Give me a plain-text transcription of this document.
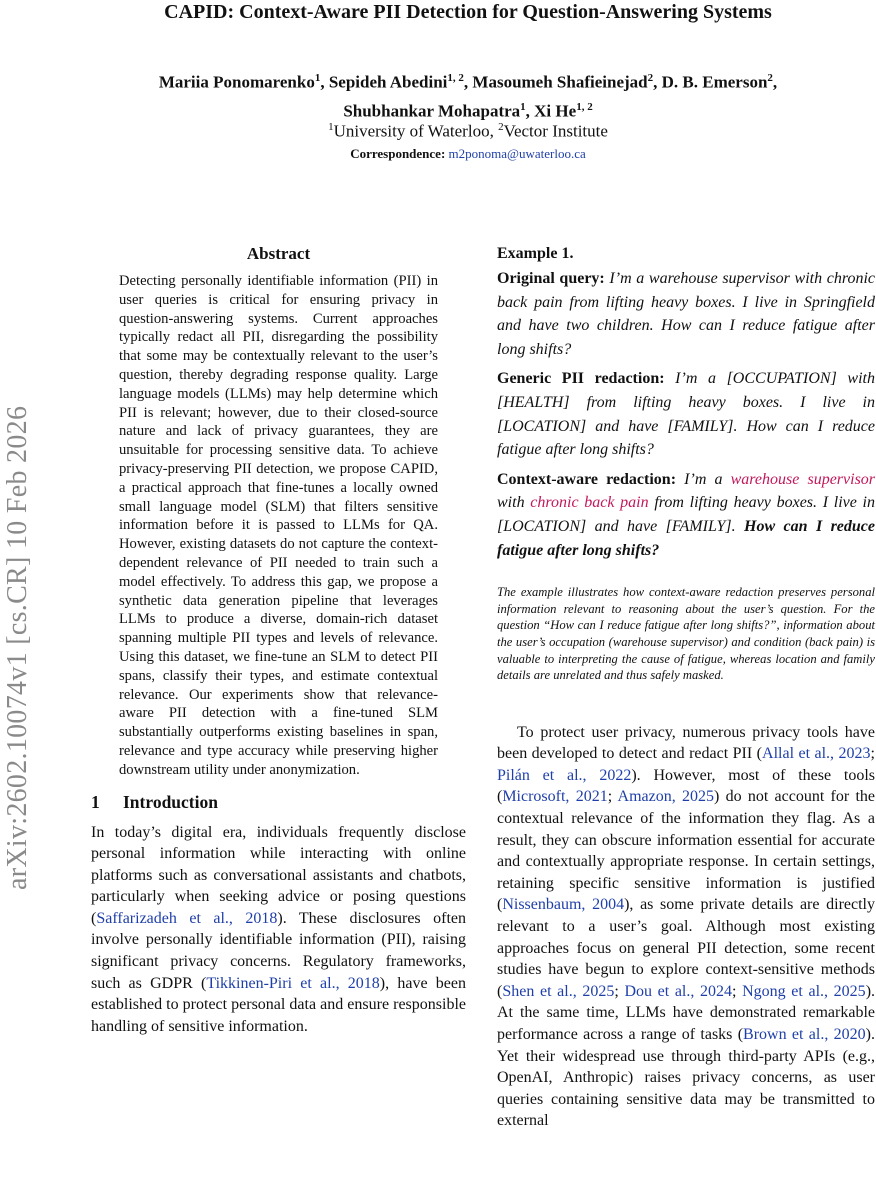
arXiv:2602.10074v1 [cs.CR] 10 Feb 2026
CAPID: Context-Aware PII Detection for Question-Answering Systems
Mariia Ponomarenko$^1$, Sepideh Abedini$^{1, 2}$, Masoumeh Shafieinejad$^2$, D. B. Emerson$^2$,
Shubhankar Mohapatra$^1$, Xi He$^{1, 2}$
$^1$University of Waterloo, $^2$Vector Institute
Correspondence: m2ponoma@uwaterloo.ca
Abstract

Detecting personally identifiable information (PII) in user queries is critical for ensuring privacy in question-answering systems. Current approaches typically redact all PII, disregarding the possibility that some may be contextually relevant to the user’s question, thereby degrading response quality. Large language models (LLMs) may help determine which PII is relevant; however, due to their closed-source nature and lack of privacy guarantees, they are unsuitable for processing sensitive data. To achieve privacy-preserving PII detection, we propose CAPID, a practical approach that fine-tunes a locally owned small language model (SLM) that filters sensitive information before it is passed to LLMs for QA. However, existing datasets do not capture the context-dependent relevance of PII needed to train such a model effectively. To address this gap, we propose a synthetic data generation pipeline that leverages LLMs to produce a diverse, domain-rich dataset spanning multiple PII types and levels of relevance. Using this dataset, we fine-tune an SLM to detect PII spans, classify their types, and estimate contextual relevance. Our experiments show that relevance-aware PII detection with a fine-tuned SLM substantially outperforms existing baselines in span, relevance and type accuracy while preserving higher downstream utility under anonymization.

1 Introduction

In today’s digital era, individuals frequently disclose personal information while interacting with online platforms such as conversational assistants and chatbots, particularly when seeking advice or posing questions (Saffarizadeh et al., 2018). These disclosures often involve personally identifiable information (PII), raising significant privacy concerns. Regulatory frameworks, such as GDPR (Tikkinen-Piri et al., 2018), have been established to protect personal data and ensure responsible handling of sensitive information.

Example 1.

Original query: I’m a warehouse supervisor with chronic back pain from lifting heavy boxes. I live in Springfield and have two children. How can I reduce fatigue after long shifts?

Generic PII redaction: I’m a [OCCUPATION] with [HEALTH] from lifting heavy boxes. I live in [LOCATION] and have [FAMILY]. How can I reduce fatigue after long shifts?

Context-aware redaction: I’m a warehouse supervisor with chronic back pain from lifting heavy boxes. I live in [LOCATION] and have [FAMILY]. How can I reduce fatigue after long shifts?

The example illustrates how context-aware redaction preserves personal information relevant to reasoning about the user’s question. For the question “How can I reduce fatigue after long shifts?”, information about the user’s occupation (warehouse supervisor) and condition (back pain) is valuable to interpreting the cause of fatigue, whereas location and family details are unrelated and thus safely masked.

To protect user privacy, numerous privacy tools have been developed to detect and redact PII (Allal et al., 2023; Pilán et al., 2022). However, most of these tools (Microsoft, 2021; Amazon, 2025) do not account for the contextual relevance of the information they flag. As a result, they can obscure information essential for accurate and contextually appropriate response. In certain settings, retaining specific sensitive information is justified (Nissenbaum, 2004), as some private details are directly relevant to a user’s goal. Although most existing approaches focus on general PII detection, some recent studies have begun to explore context-sensitive methods (Shen et al., 2025; Dou et al., 2024; Ngong et al., 2025). At the same time, LLMs have demonstrated remarkable performance across a range of tasks (Brown et al., 2020). Yet their widespread use through third-party APIs (e.g., OpenAI, Anthropic) raises privacy concerns, as user queries containing sensitive data may be transmitted to external
